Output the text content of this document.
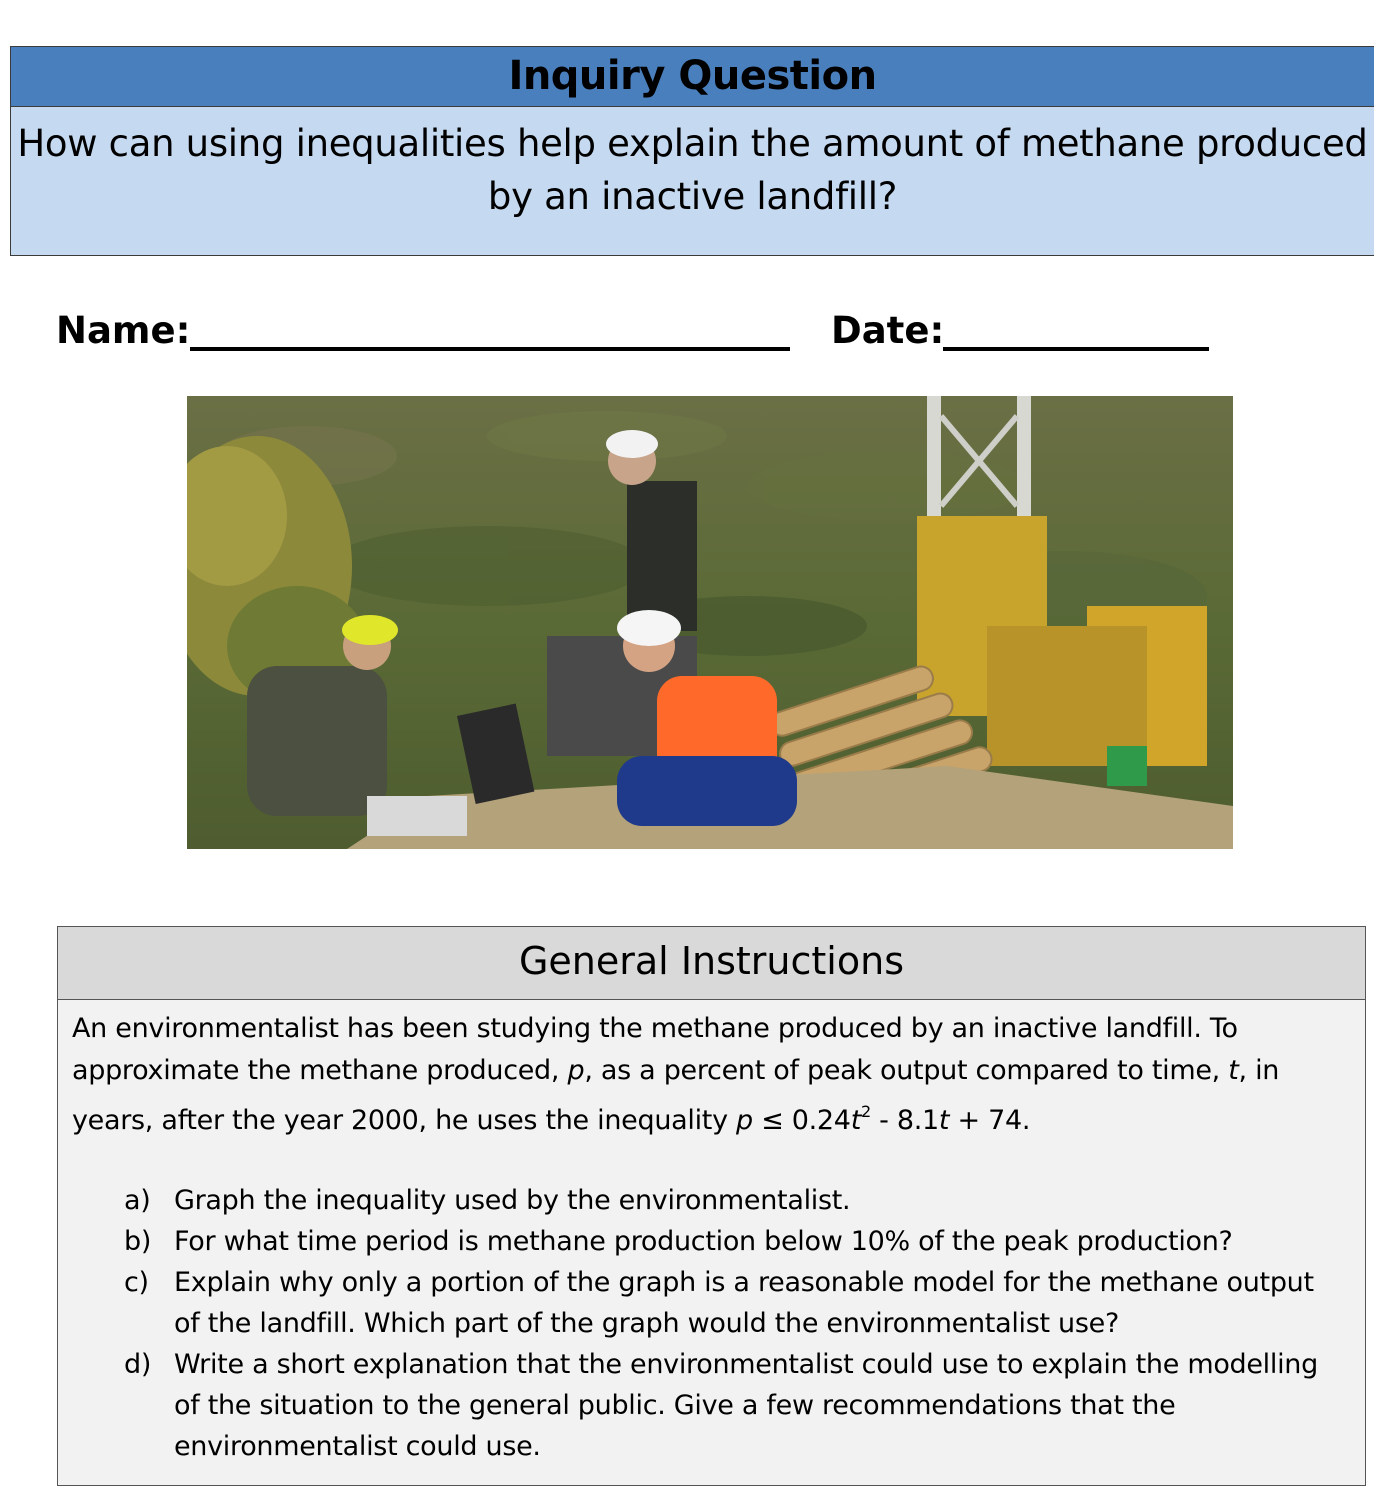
Inquiry Question
How can using inequalities help explain the amount of methane produced
by an inactive landfill?
Name:	Date:
General Instructions

An environmentalist has been studying the methane produced by an inactive landfill. To

approximate the methane produced, p, as a percent of peak output compared to time, t, in

years, after the year 2000, he uses the inequality $p \le 0.24t^2 - 8.1t + 74$.

a) Graph the inequality used by the environmentalist.
b) For what time period is methane production below 10% of the peak production?
c) Explain why only a portion of the graph is a reasonable model for the methane output
of the landfill. Which part of the graph would the environmentalist use?
d) Write a short explanation that the environmentalist could use to explain the modelling
of the situation to the general public. Give a few recommendations that the
environmentalist could use.
